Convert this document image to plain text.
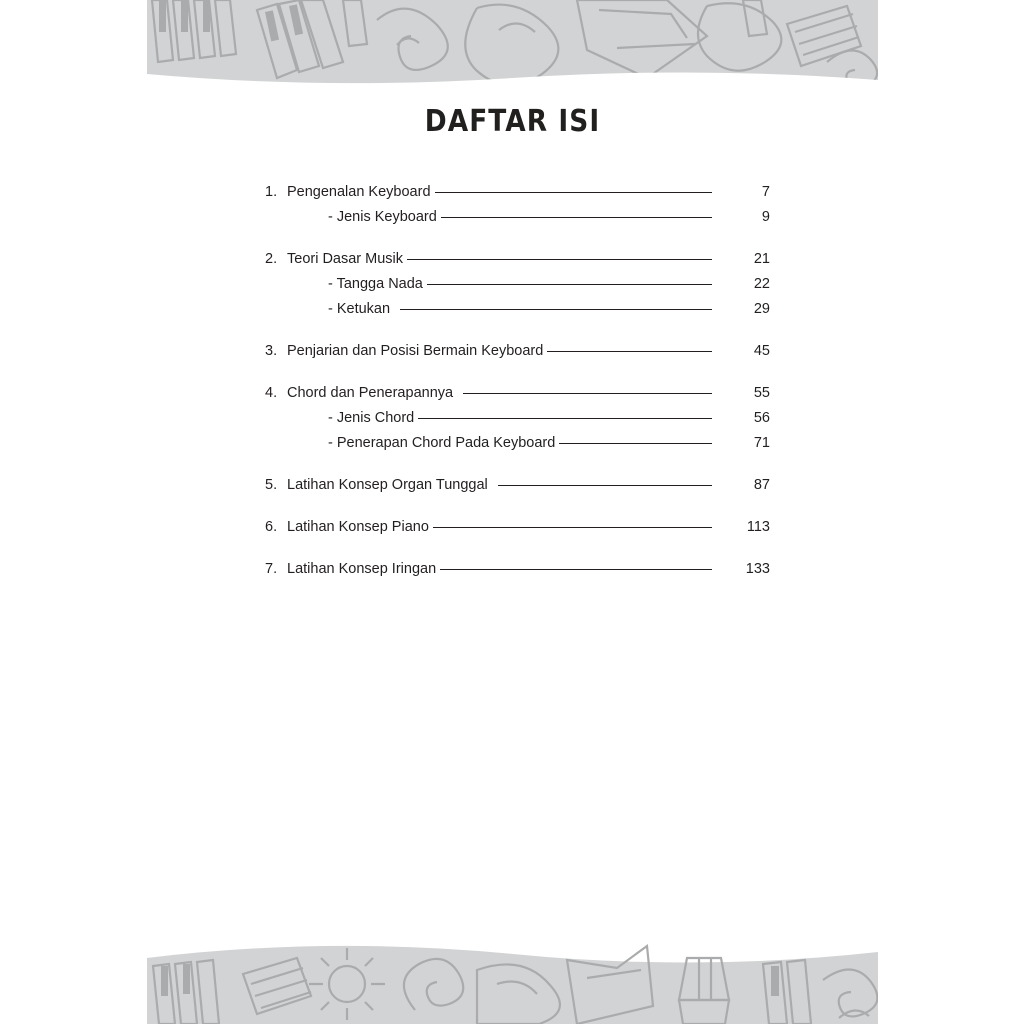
DAFTAR ISI
1. Pengenalan Keyboard	7
- Jenis Keyboard	9
2. Teori Dasar Musik	21
- Tangga Nada	22
- Ketukan	29
3. Penjarian dan Posisi Bermain Keyboard	45
4. Chord dan Penerapannya	55
- Jenis Chord	56
- Penerapan Chord Pada Keyboard	71
5. Latihan Konsep Organ Tunggal	87
6. Latihan Konsep Piano	113
7. Latihan Konsep Iringan	133
